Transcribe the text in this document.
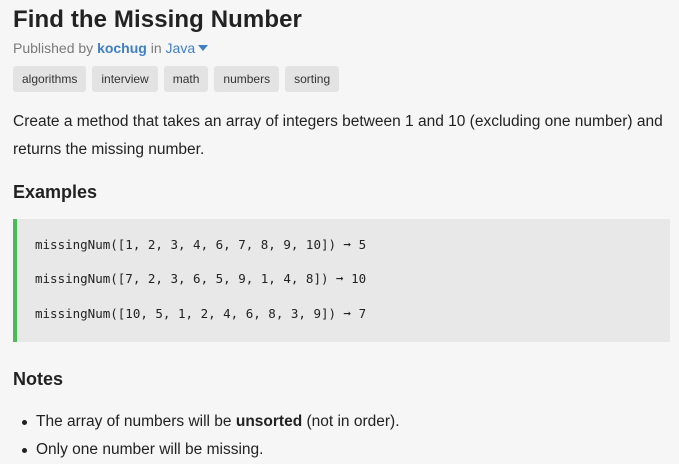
Find the Missing Number
Published by kochug in Java
algorithms	interview	math	numbers	sorting

Create a method that takes an array of integers between 1 and 10 (excluding one number) and returns the missing number.

Examples
missingNum([1, 2, 3, 4, 6, 7, 8, 9, 10]) ➞ 5
missingNum([7, 2, 3, 6, 5, 9, 1, 4, 8]) ➞ 10
missingNum([10, 5, 1, 2, 4, 6, 8, 3, 9]) ➞ 7
Notes
The array of numbers will be unsorted (not in order).
Only one number will be missing.
